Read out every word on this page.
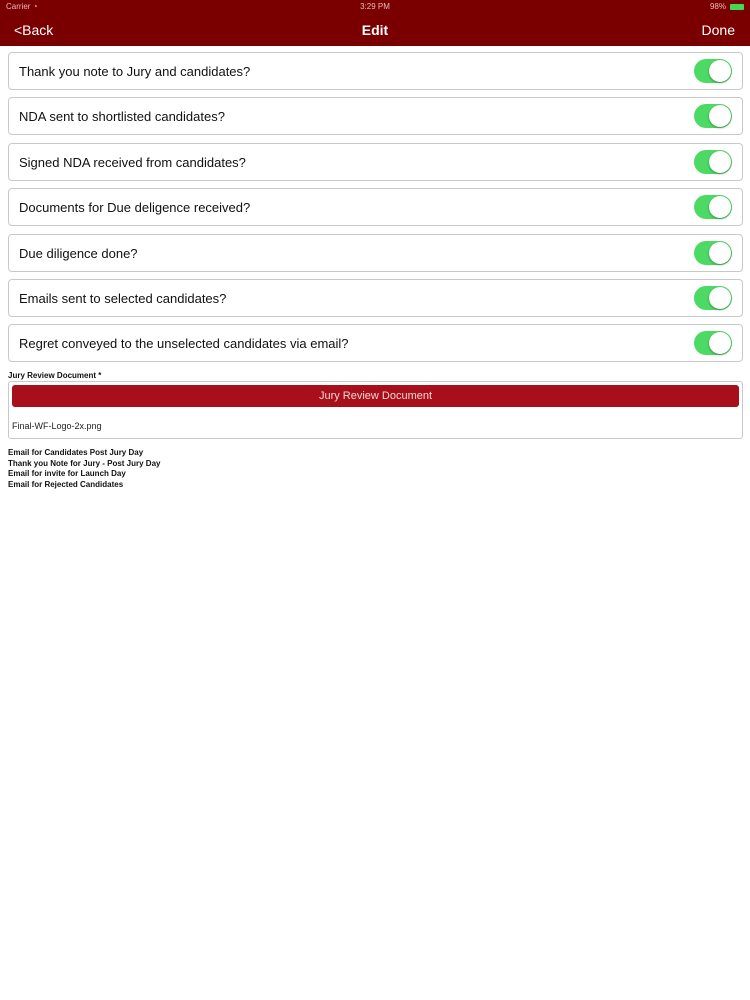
Carrier ◔	3:29 PM	98%
<Back	Edit	Done
Thank you note to Jury and candidates?
NDA sent to shortlisted candidates?
Signed NDA received from candidates?
Documents for Due deligence received?
Due diligence done?
Emails sent to selected candidates?
Regret conveyed to the unselected candidates via email?
Jury Review Document *
Jury Review Document
Final-WF-Logo-2x.png
Email for Candidates Post Jury Day
Thank you Note for Jury - Post Jury Day
Email for invite for Launch Day
Email for Rejected Candidates
